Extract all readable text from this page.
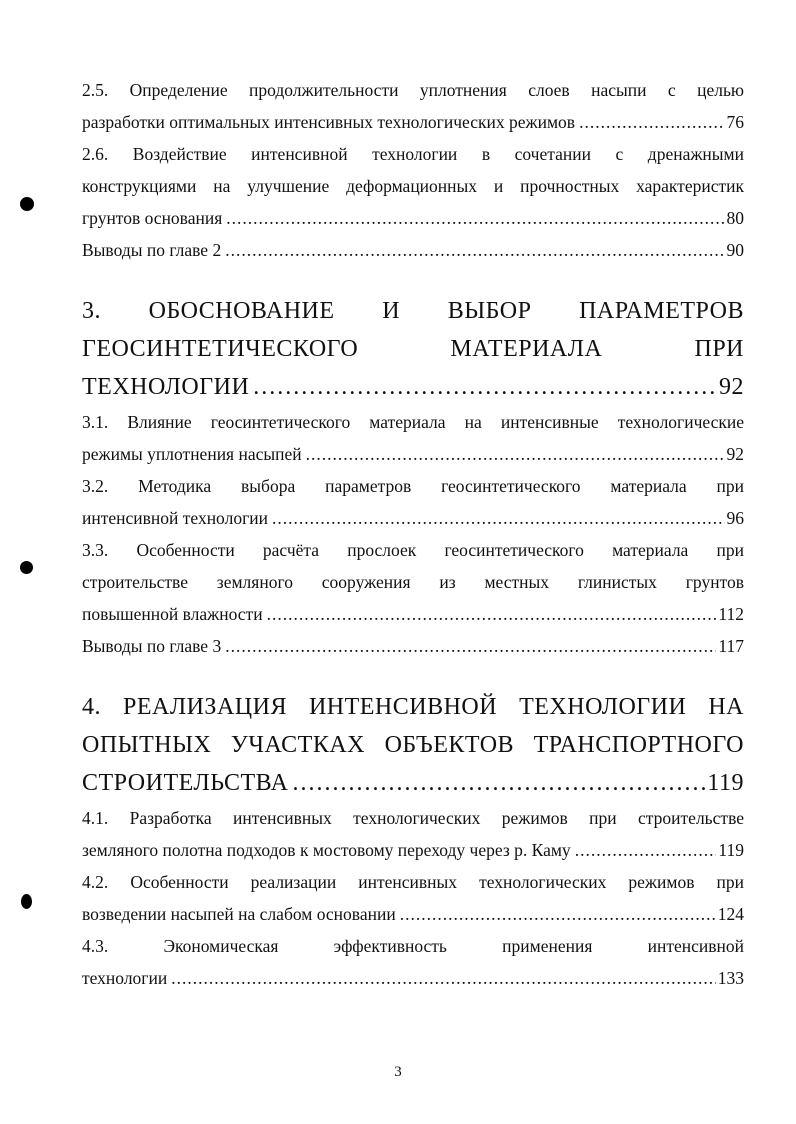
2.5. Определение продолжительности уплотнения слоев насыпи с целью
разработки оптимальных интенсивных технологических режимов .....	76
2.6. Воздействие интенсивной технологии в сочетании с дренажными
конструкциями на улучшение деформационных и прочностных характеристик
грунтов основания .....	80
Выводы по главе 2 .....	90
3. ОБОСНОВАНИЕ И ВЫБОР ПАРАМЕТРОВ
ГЕОСИНТЕТИЧЕСКОГО МАТЕРИАЛА ПРИ
ТЕХНОЛОГИИ .....	92
3.1. Влияние геосинтетического материала на интенсивные технологические
режимы уплотнения насыпей .....	92
3.2. Методика выбора параметров геосинтетического материала при
интенсивной технологии .....	96
3.3. Особенности расчёта прослоек геосинтетического материала при
строительстве земляного сооружения из местных глинистых грунтов
повышенной влажности .....	112
Выводы по главе 3 .....	117
4. РЕАЛИЗАЦИЯ ИНТЕНСИВНОЙ ТЕХНОЛОГИИ НА
ОПЫТНЫХ УЧАСТКАХ ОБЪЕКТОВ ТРАНСПОРТНОГО
СТРОИТЕЛЬСТВА .....	119
4.1. Разработка интенсивных технологических режимов при строительстве
земляного полотна подходов к мостовому переходу через р. Каму .....	119
4.2. Особенности реализации интенсивных технологических режимов при
возведении насыпей на слабом основании .....	124
4.3. Экономическая эффективность применения интенсивной
технологии .....	133
3
